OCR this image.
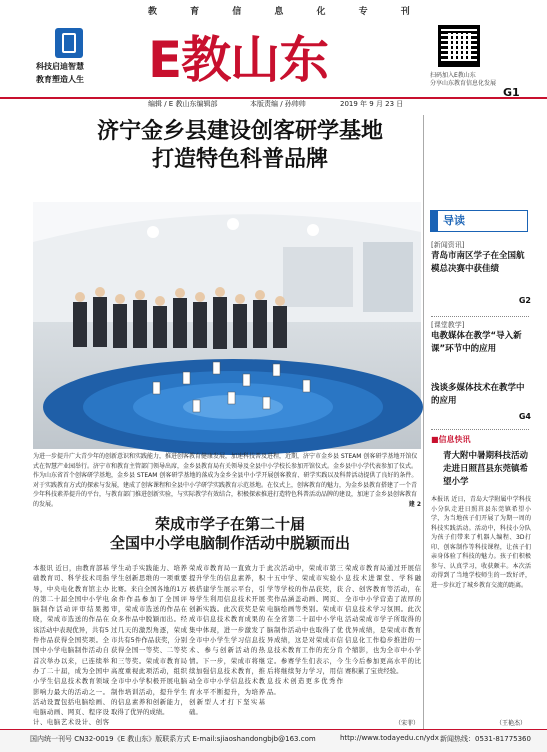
教 育 信 息 化 专 刊
科技启迪智慧
教育塑造人生	E教山东	扫码加入E教山东
分享山东教育信息化发展
G1
编辑 / E 教山东编辑部	本版责编 / 孙帅帅	2019 年 9 月 23 日
济宁金乡县建设创客研学基地
打造特色科普品牌
为进一步提升广大青少年的创新意识和实践能力，推进创客教育健康发展，加速科技普及进程，近期，济宁市金乡县 STEAM 创客研学基地开馆仪式在智慧产业园举行。济宁市和教育主管部门领导出席，金乡县教育局有关领导及全县中小学校长参加开馆仪式。金乡县中小学代表参加了仪式。作为山东省首个创客研学基地，金乡县 STEAM 创客研学基地的落成为金乡全县中小学开展创客教育、研学实践以及科普活动提供了良好的条件。对于实践教育方式的探索与发展，建成了创客课程和全县中小学研学实践教育示范基地。在仪式上，创客教育的魅力，为金乡县教育搭建了一个青少年科技素养提升的平台，与教育部门推进创新实验，与实际教学有效结合，积极探索推进打造特色科普活动品牌的建设，加速了金乡县创客教育的发展。	建 2
荣成市学子在第二十届
全国中小学电脑制作活动中脱颖而出
本报讯 近日，由教育部基础教育司、科学技术司指导，中央电化教育馆主办的第二十届全国中小学电脑制作活动评审结果揭晓，荣成市选送的作品在该活动中表现优异，共有5件作品获得全国奖项。全国中小学电脑制作活动自首次举办以来，已连续举办了二十届，成为全国中小学生信息技术教育领域影响力最大的活动之一。活动设置包括电脑绘画、电脑动画、网页、程序设计、电脑艺术设计、创客
学生动手实践能力、培养学生创新思维的一项重要比赛。来自全国各地的1万余件作品参加了全国评审，荣成市选送的作品在众多作品中脱颖而出。经过几天的激烈角逐，荣成市共有5件作品获奖，分别获得全国一等奖、二等奖和三等奖。荣成市教育局高度重视此项活动，组织全市中小学积极开展电脑制作培训活动，提升学生的信息素养和创新能力，取得了优异的成绩。
荣成市教育局一直致力于提升学生的信息素养，积极搭建学生展示平台，引导学生利用信息技术开展创新实践。此次获奖是荣成市信息技术教育成果的集中体现，进一步激发了全市中小学生学习信息技术、参与创新活动的热情。下一步，荣成市将继续加强信息技术教育，推动全市中小学信息技术教育水平不断提升，为培养创新型人才打下坚实基础。
此次活动中，荣成市第三十五中学、荣成市实验小学等学校的作品获奖，获奖作品涵盖动画、网页、电脑绘画等类别。荣成市在全省第二十届中小学电脑制作活动中也取得了优异成绩，这是对荣成市信息技术教育工作的充分肯定。参赛学生们表示，今后将继续努力学习，用信息技术创造更多优秀作品。
荣成市教育局通过开展信息技术进课堂、学科融合、创客教育等活动，在全市中小学营造了浓厚的信息技术学习氛围。此次活动荣成市学子所取得的优异成绩，是荣成市教育信息化工作稳步推进的一个缩影，也为全市中小学生今后参加更高水平的比赛积累了宝贵经验。
（宋菲）
导读
[新闻资讯]
青岛市南区学子在全国航模总决赛中获佳绩
G2
[课堂教学]
电教媒体在教学“导入新课”环节中的应用
浅谈多媒体技术在教学中的应用
G4
■信息快讯
青大附中暑期科技活动走进日照莒县东莞镇希望小学
本报讯 近日，青岛大学附属中学科技小分队走进日照莒县东莞镇希望小学，为当地孩子们开展了为期一周的科技实践活动。活动中，科技小分队为孩子们带来了机器人编程、3D打印、创客制作等科技课程，让孩子们亲身体验了科技的魅力。孩子们积极参与、认真学习，收获颇丰。本次活动得到了当地学校师生的一致好评，进一步拉近了城乡教育交流的距离。
（王艳杰）
国内统一刊号 CN32-0019《E 教山东》版联系方式 E-mail:sjiaoshandongbjb@163.com	http://www.todayedu.cn/ydx 新闻热线：0531-81775360
